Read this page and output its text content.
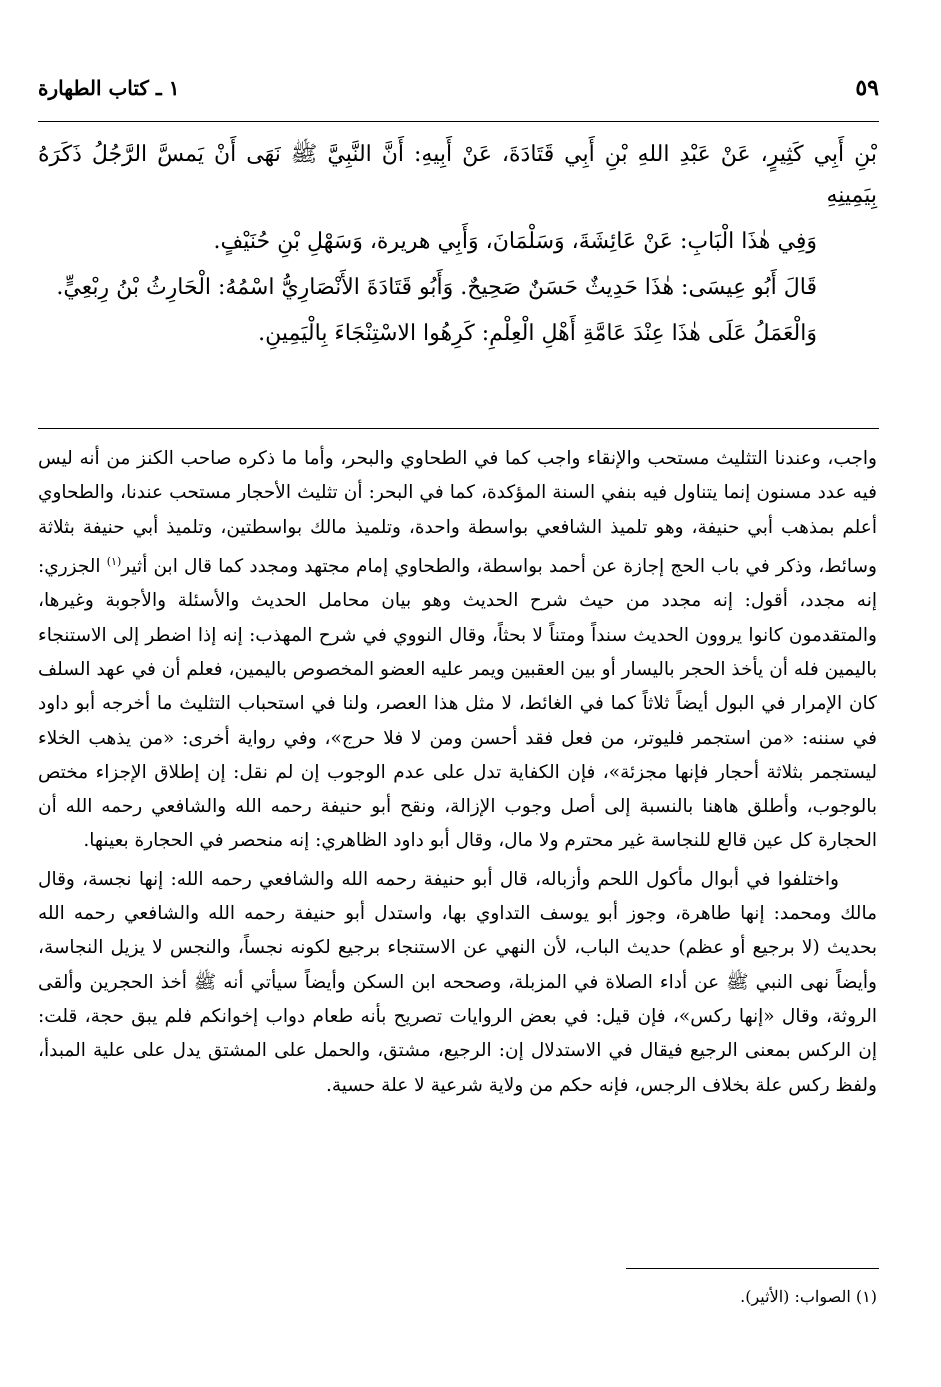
١ ـ كتاب الطهارة	٥٩

بْنِ أَبِي كَثِيرٍ، عَنْ عَبْدِ اللهِ بْنِ أَبِي قَتَادَةَ، عَنْ أَبِيهِ: أَنَّ النَّبِيَّ ﷺ نَهَى أَنْ يَمسَّ الرَّجُلُ ذَكَرَهُ بِيَمِينِهِ

وَفِي هٰذَا الْبَابِ: عَنْ عَائِشَةَ، وَسَلْمَانَ، وَأَبِي هريرة، وَسَهْلِ بْنِ حُنَيْفٍ.

قَالَ أَبُو عِيسَى: هٰذَا حَدِيثٌ حَسَنٌ صَحِيحٌ. وَأَبُو قَتَادَةَ الأَنْصَارِيُّ اسْمُهُ: الْحَارِثُ بْنُ رِبْعِيٍّ.

وَالْعَمَلُ عَلَى هٰذَا عِنْدَ عَامَّةِ أَهْلِ الْعِلْمِ: كَرِهُوا الاسْتِنْجَاءَ بِالْيَمِينِ.

واجب، وعندنا التثليث مستحب والإنقاء واجب كما في الطحاوي والبحر، وأما ما ذكره صاحب الكنز من أنه ليس فيه عدد مسنون إنما يتناول فيه بنفي السنة المؤكدة، كما في البحر: أن تثليث الأحجار مستحب عندنا، والطحاوي أعلم بمذهب أبي حنيفة، وهو تلميذ الشافعي بواسطة واحدة، وتلميذ مالك بواسطتين، وتلميذ أبي حنيفة بثلاثة وسائط، وذكر في باب الحج إجازة عن أحمد بواسطة، والطحاوي إمام مجتهد ومجدد كما قال ابن أثير$^{(١)}$ الجزري: إنه مجدد، أقول: إنه مجدد من حيث شرح الحديث وهو بيان محامل الحديث والأسئلة والأجوبة وغيرها، والمتقدمون كانوا يروون الحديث سنداً ومتناً لا بحثاً، وقال النووي في شرح المهذب: إنه إذا اضطر إلى الاستنجاء باليمين فله أن يأخذ الحجر باليسار أو بين العقبين ويمر عليه العضو المخصوص باليمين، فعلم أن في عهد السلف كان الإمرار في البول أيضاً ثلاثاً كما في الغائط، لا مثل هذا العصر، ولنا في استحباب التثليث ما أخرجه أبو داود في سننه: «من استجمر فليوتر، من فعل فقد أحسن ومن لا فلا حرج»، وفي رواية أخرى: «من يذهب الخلاء ليستجمر بثلاثة أحجار فإنها مجزئة»، فإن الكفاية تدل على عدم الوجوب إن لم نقل: إن إطلاق الإجزاء مختص بالوجوب، وأطلق هاهنا بالنسبة إلى أصل وجوب الإزالة، ونقح أبو حنيفة رحمه الله والشافعي رحمه الله أن الحجارة كل عين قالع للنجاسة غير محترم ولا مال، وقال أبو داود الظاهري: إنه منحصر في الحجارة بعينها.

واختلفوا في أبوال مأكول اللحم وأزباله، قال أبو حنيفة رحمه الله والشافعي رحمه الله: إنها نجسة، وقال مالك ومحمد: إنها طاهرة، وجوز أبو يوسف التداوي بها، واستدل أبو حنيفة رحمه الله والشافعي رحمه الله بحديث (لا برجيع أو عظم) حديث الباب، لأن النهي عن الاستنجاء برجيع لكونه نجساً، والنجس لا يزيل النجاسة، وأيضاً نهى النبي ﷺ عن أداء الصلاة في المزبلة، وصححه ابن السكن وأيضاً سيأتي أنه ﷺ أخذ الحجرين وألقى الروثة، وقال «إنها ركس»، فإن قيل: في بعض الروايات تصريح بأنه طعام دواب إخوانكم فلم يبق حجة، قلت: إن الركس بمعنى الرجيع فيقال في الاستدلال إن: الرجيع، مشتق، والحمل على المشتق يدل على علية المبدأ، ولفظ ركس علة بخلاف الرجس، فإنه حكم من ولاية شرعية لا علة حسية.

(١) الصواب: (الأثير).
